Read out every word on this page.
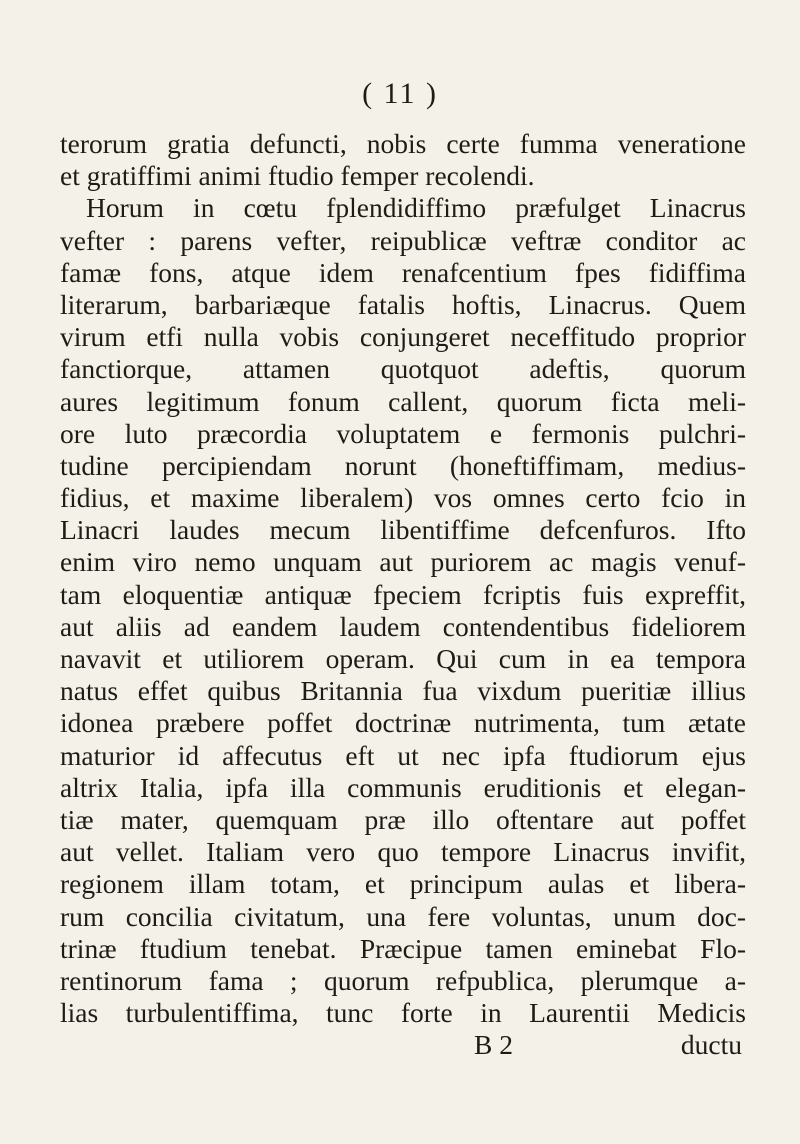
( 11 )
terorum gratia defuncti, nobis certe fumma veneratione
et gratiffimi animi ftudio femper recolendi.
Horum in cœtu fplendidiffimo præfulget Linacrus
vefter : parens vefter, reipublicæ veftræ conditor ac
famæ fons, atque idem renafcentium fpes fidiffima
literarum, barbariæque fatalis hoftis, Linacrus. Quem
virum etfi nulla vobis conjungeret neceffitudo proprior
fanctiorque, attamen quotquot adeftis, quorum
aures legitimum fonum callent, quorum ficta meli-
ore luto præcordia voluptatem e fermonis pulchri-
tudine percipiendam norunt (honeftiffimam, medius-
fidius, et maxime liberalem) vos omnes certo fcio in
Linacri laudes mecum libentiffime defcenfuros. Ifto
enim viro nemo unquam aut puriorem ac magis venuf-
tam eloquentiæ antiquæ fpeciem fcriptis fuis expreffit,
aut aliis ad eandem laudem contendentibus fideliorem
navavit et utiliorem operam. Qui cum in ea tempora
natus effet quibus Britannia fua vixdum pueritiæ illius
idonea præbere poffet doctrinæ nutrimenta, tum ætate
maturior id affecutus eft ut nec ipfa ftudiorum ejus
altrix Italia, ipfa illa communis eruditionis et elegan-
tiæ mater, quemquam præ illo oftentare aut poffet
aut vellet. Italiam vero quo tempore Linacrus invifit,
regionem illam totam, et principum aulas et libera-
rum concilia civitatum, una fere voluntas, unum doc-
trinæ ftudium tenebat. Præcipue tamen eminebat Flo-
rentinorum fama ; quorum refpublica, plerumque a-
lias turbulentiffima, tunc forte in Laurentii Medicis
B 2	ductu
